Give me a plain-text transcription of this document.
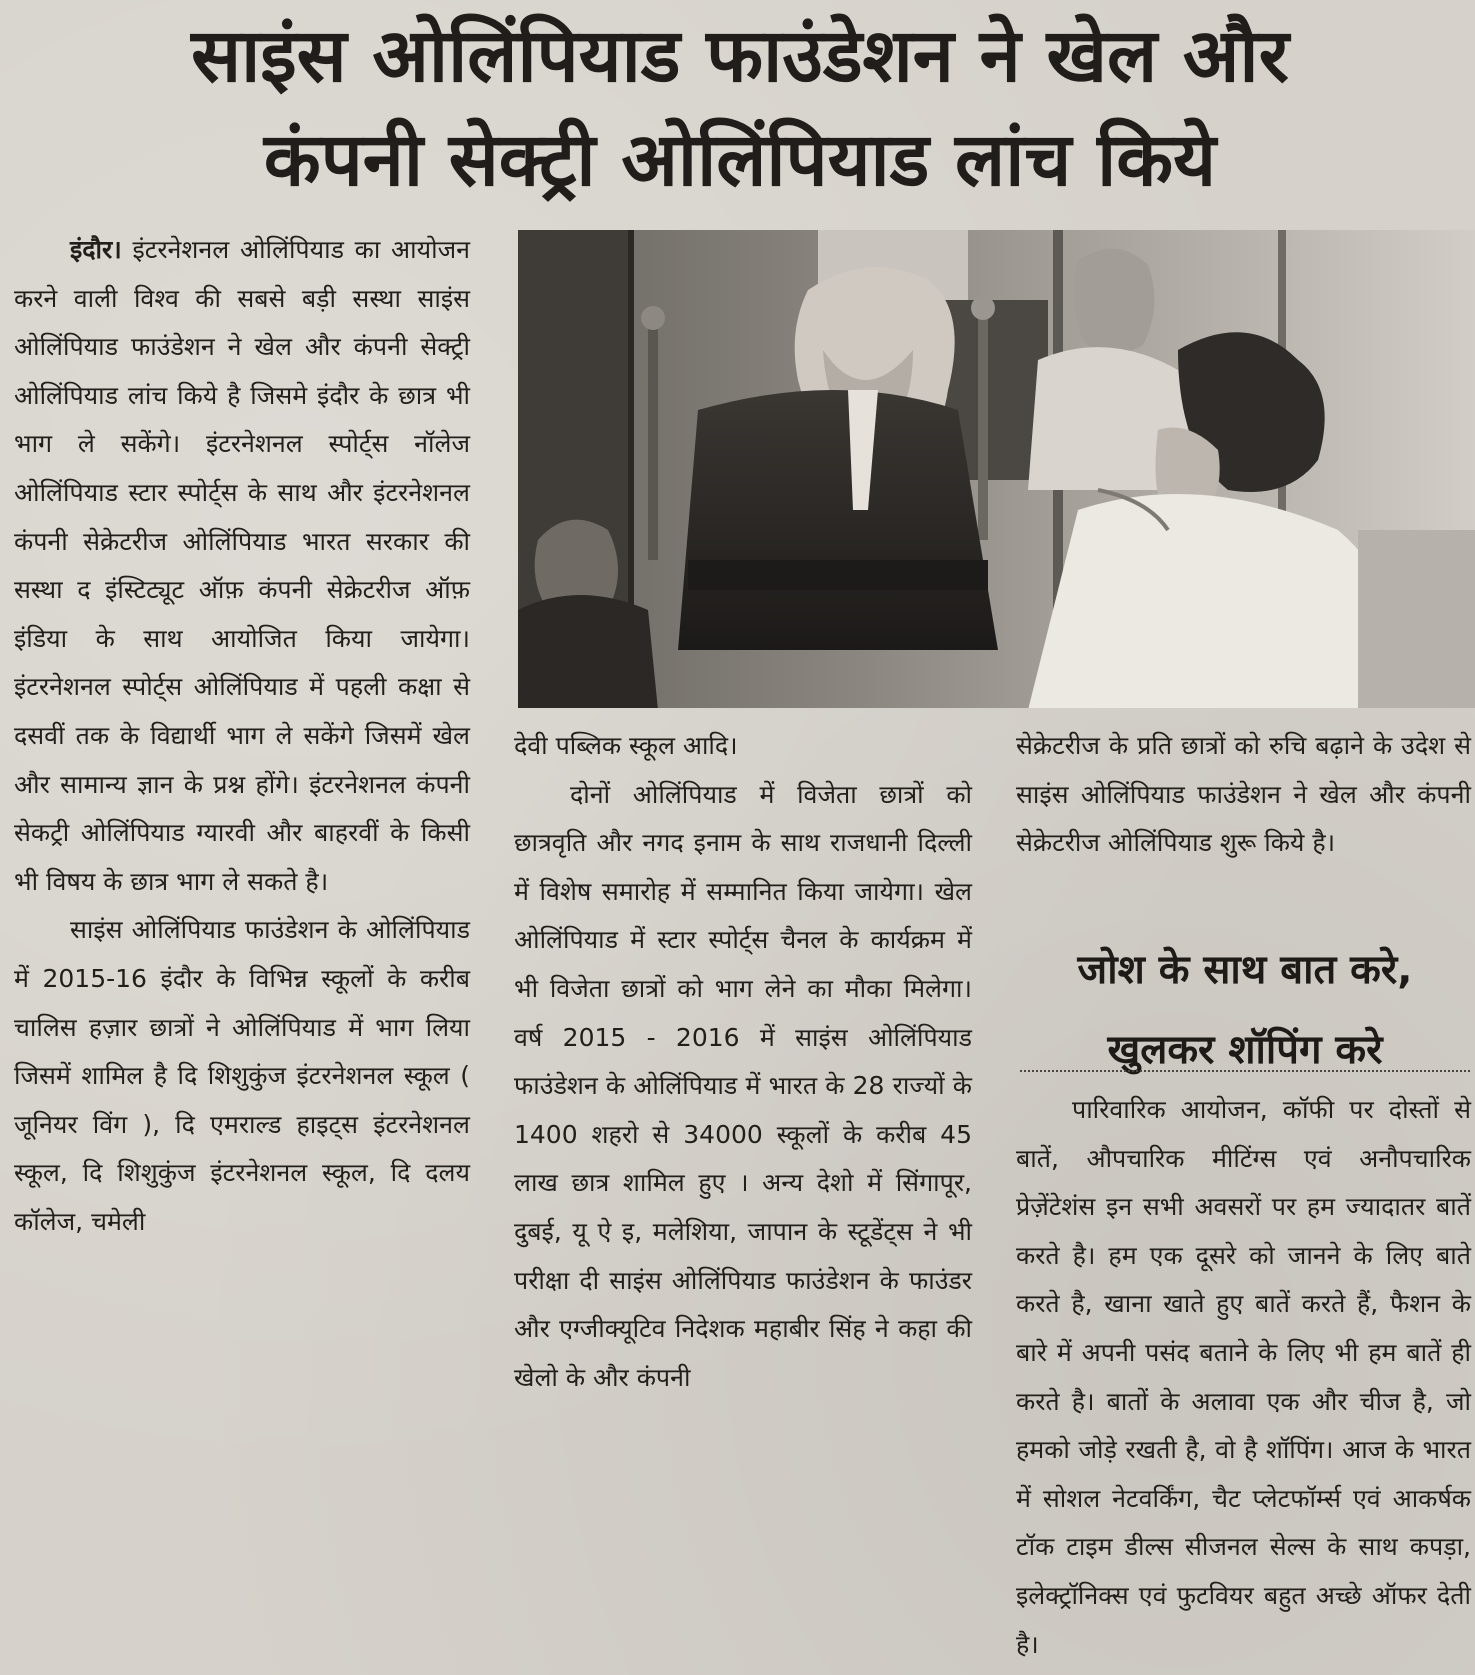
साइंस ओलिंपियाड फाउंडेशन ने खेल और
कंपनी सेक्ट्री ओलिंपियाड लांच किये

इंदौर। इंटरनेशनल ओलिंपियाड का आयोजन करने वाली विश्व की सबसे बड़ी सस्था साइंस ओलिंपियाड फाउंडेशन ने खेल और कंपनी सेक्ट्री ओलिंपियाड लांच किये है जिसमे इंदौर के छात्र भी भाग ले सकेंगे। इंटरनेशनल स्पोर्ट्स नॉलेज ओलिंपियाड स्टार स्पोर्ट्स के साथ और इंटरनेशनल कंपनी सेक्रेटरीज ओलिंपियाड भारत सरकार की सस्था द इंस्टिट्यूट ऑफ़ कंपनी सेक्रेटरीज ऑफ़ इंडिया के साथ आयोजित किया जायेगा। इंटरनेशनल स्पोर्ट्स ओलिंपियाड में पहली कक्षा से दसवीं तक के विद्यार्थी भाग ले सकेंगे जिसमें खेल और सामान्य ज्ञान के प्रश्न होंगे। इंटरनेशनल कंपनी सेकट्री ओलिंपियाड ग्यारवी और बाहरवीं के किसी भी विषय के छात्र भाग ले सकते है।

साइंस ओलिंपियाड फाउंडेशन के ओलिंपियाड में 2015-16 इंदौर के विभिन्न स्कूलों के करीब चालिस हज़ार छात्रों ने ओलिंपियाड में भाग लिया जिसमें शामिल है दि शिशुकुंज इंटरनेशनल स्कूल ( जूनियर विंग ), दि एमराल्ड हाइट्स इंटरनेशनल स्कूल, दि शिशुकुंज इंटरनेशनल स्कूल, दि दलय कॉलेज, चमेली

देवी पब्लिक स्कूल आदि।

दोनों ओलिंपियाड में विजेता छात्रों को छात्रवृति और नगद इनाम के साथ राजधानी दिल्ली में विशेष समारोह में सम्मानित किया जायेगा। खेल ओलिंपियाड में स्टार स्पोर्ट्स चैनल के कार्यक्रम में भी विजेता छात्रों को भाग लेने का मौका मिलेगा। वर्ष 2015 - 2016 में साइंस ओलिंपियाड फाउंडेशन के ओलिंपियाड में भारत के 28 राज्यों के 1400 शहरो से 34000 स्कूलों के करीब 45 लाख छात्र शामिल हुए । अन्य देशो में सिंगापूर, दुबई, यू ऐ इ, मलेशिया, जापान के स्टूडेंट्स ने भी परीक्षा दी साइंस ओलिंपियाड फाउंडेशन के फाउंडर और एग्जीक्यूटिव निदेशक महाबीर सिंह ने कहा की खेलो के और कंपनी

सेक्रेटरीज के प्रति छात्रों को रुचि बढ़ाने के उदेश से साइंस ओलिंपियाड फाउंडेशन ने खेल और कंपनी सेक्रेटरीज ओलिंपियाड शुरू किये है।

जोश के साथ बात करे,
खुलकर शॉपिंग करे

पारिवारिक आयोजन, कॉफी पर दोस्तों से बातें, औपचारिक मीटिंग्स एवं अनौपचारिक प्रेज़ेंटेशंस इन सभी अवसरों पर हम ज्यादातर बातें करते है। हम एक दूसरे को जानने के लिए बाते करते है, खाना खाते हुए बातें करते हैं, फैशन के बारे में अपनी पसंद बताने के लिए भी हम बातें ही करते है। बातों के अलावा एक और चीज है, जो हमको जोड़े रखती है, वो है शॉपिंग। आज के भारत में सोशल नेटवर्किंग, चैट प्लेटफॉर्म्स एवं आकर्षक टॉक टाइम डील्स सीजनल सेल्स के साथ कपड़ा, इलेक्ट्रॉनिक्स एवं फुटवियर बहुत अच्छे ऑफर देती है।
